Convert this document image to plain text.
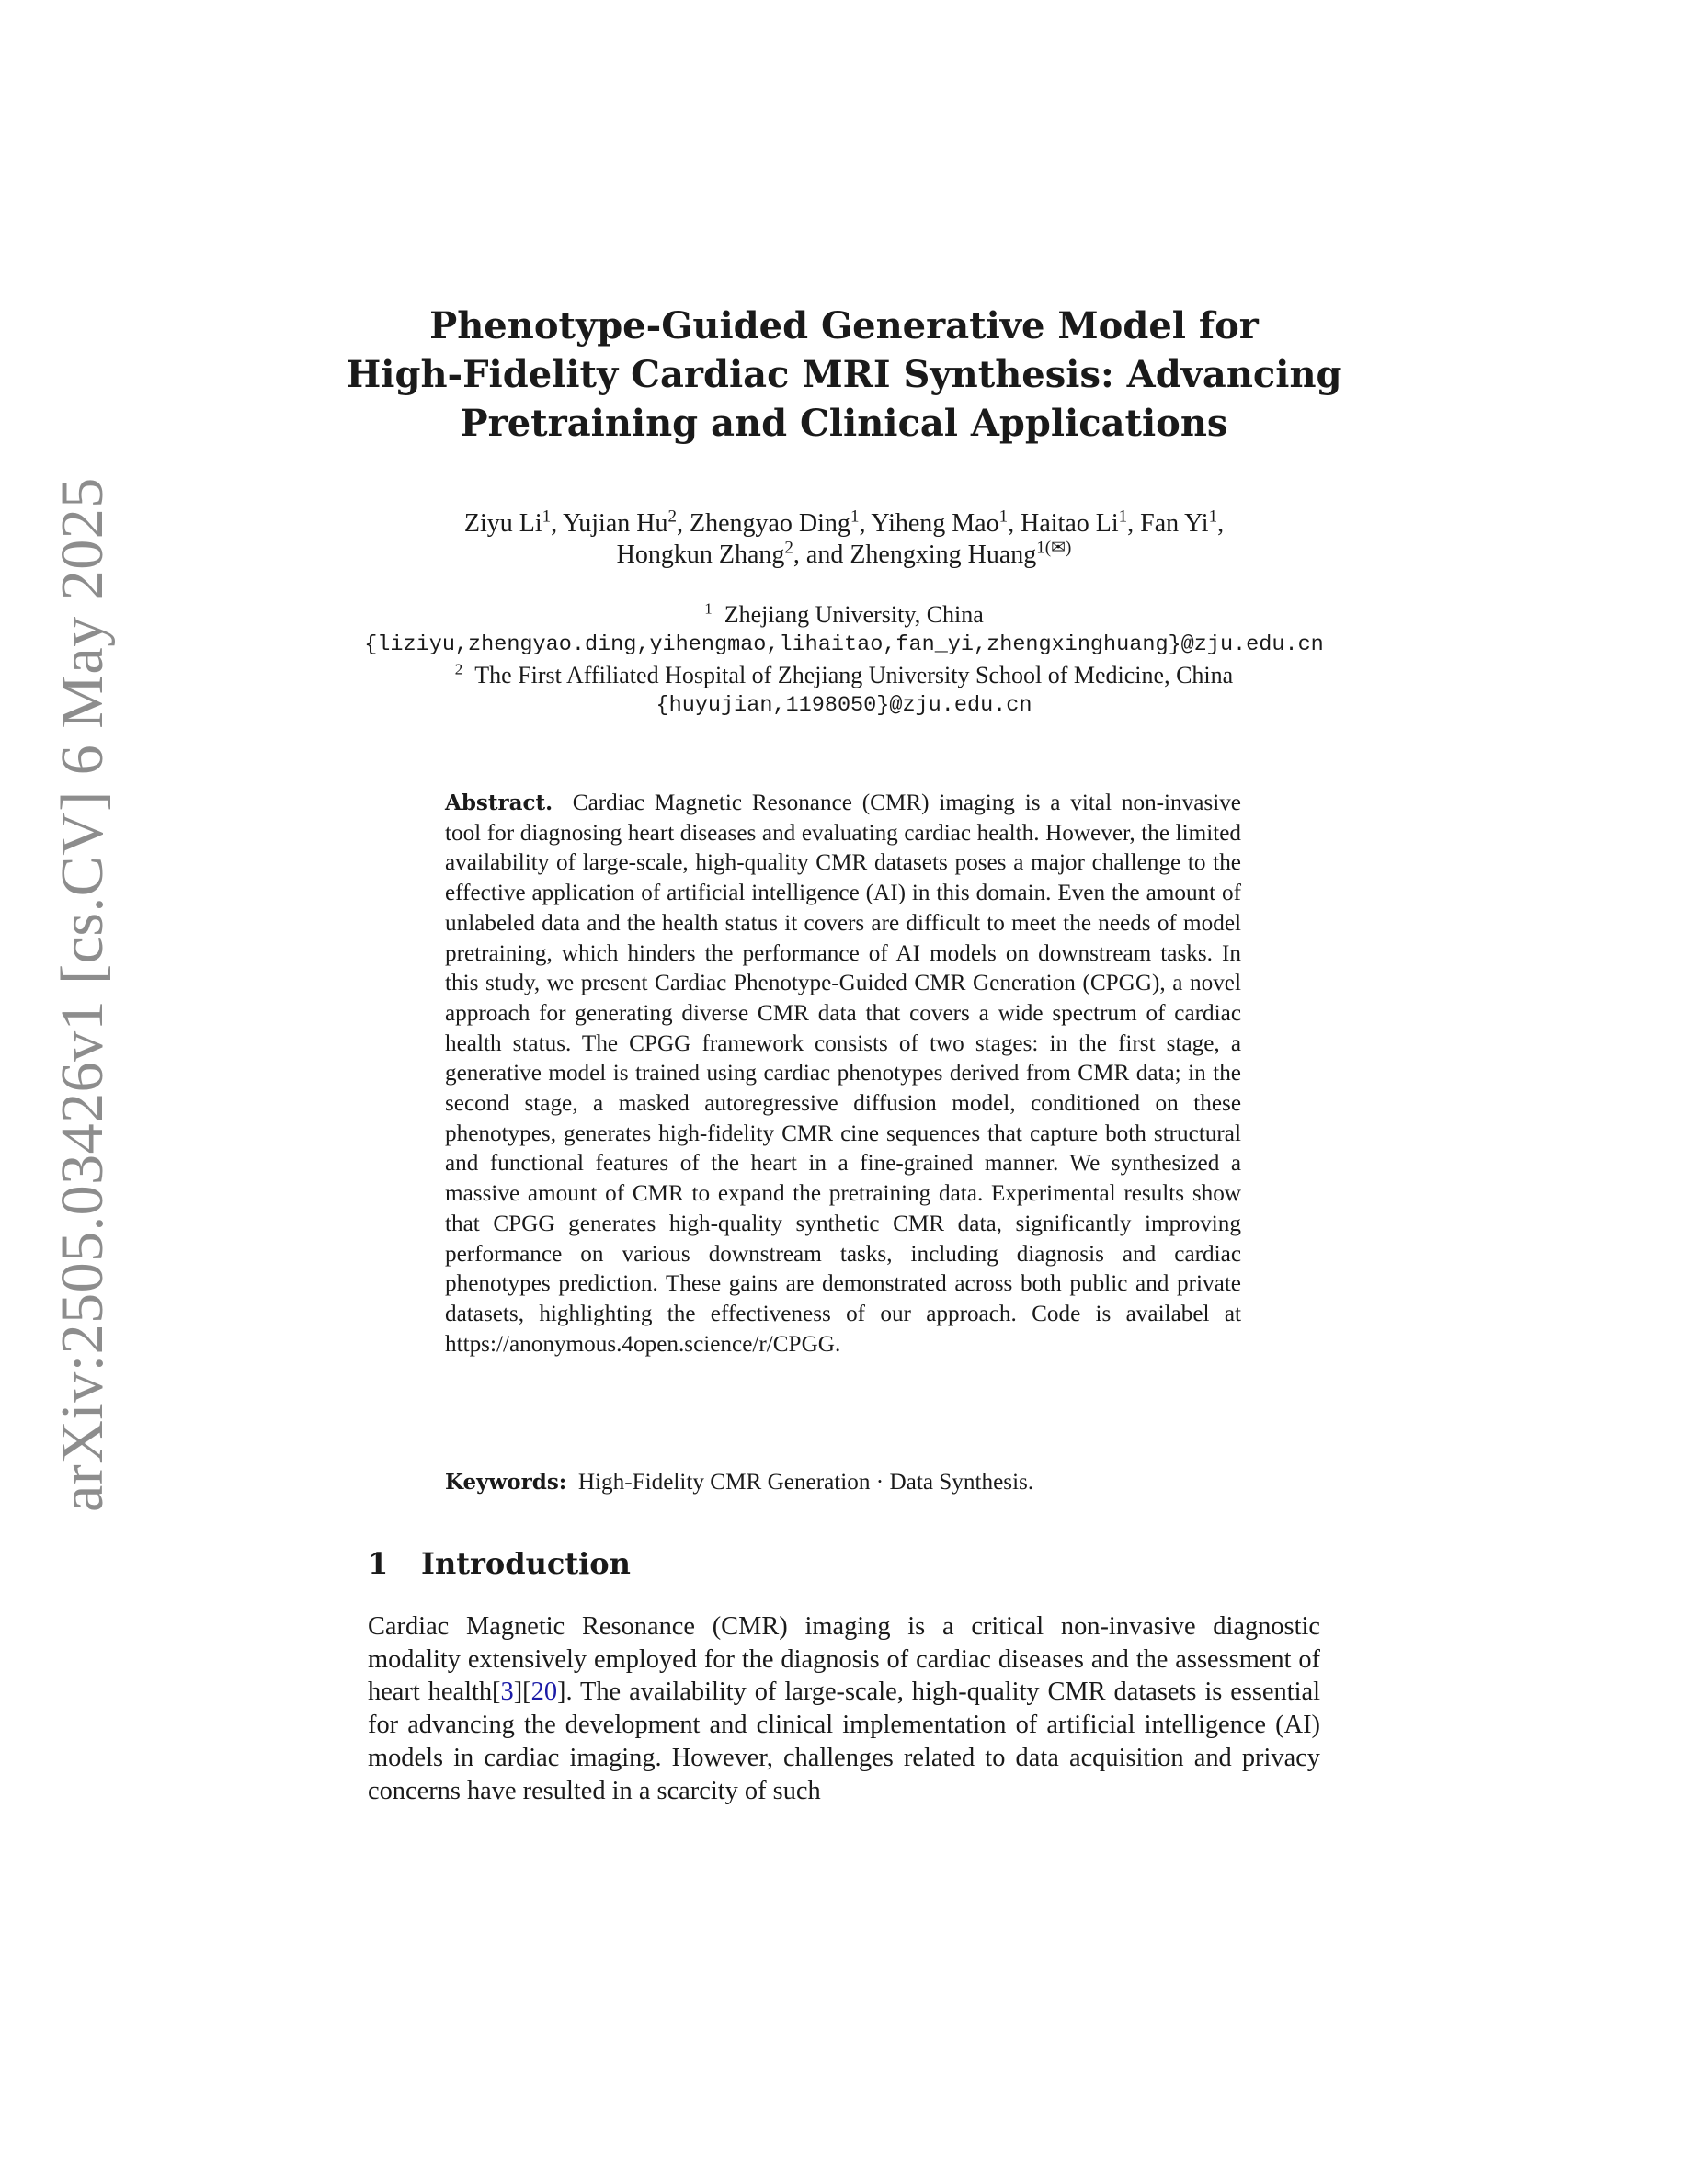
arXiv:2505.03426v1 [cs.CV] 6 May 2025
Phenotype-Guided Generative Model for
High-Fidelity Cardiac MRI Synthesis: Advancing
Pretraining and Clinical Applications
Ziyu Li$^1$, Yujian Hu$^2$, Zhengyao Ding$^1$, Yiheng Mao$^1$, Haitao Li$^1$, Fan Yi$^1$,
Hongkun Zhang$^2$, and Zhengxing Huang$^{1(✉)}$
$^1$ Zhejiang University, China
{liziyu,zhengyao.ding,yihengmao,lihaitao,fan_yi,zhengxinghuang}@zju.edu.cn
$^2$ The First Affiliated Hospital of Zhejiang University School of Medicine, China
{huyujian,1198050}@zju.edu.cn
Abstract. Cardiac Magnetic Resonance (CMR) imaging is a vital non-invasive tool for diagnosing heart diseases and evaluating cardiac health. However, the limited availability of large-scale, high-quality CMR datasets poses a major challenge to the effective application of artificial intelligence (AI) in this domain. Even the amount of unlabeled data and the health status it covers are difficult to meet the needs of model pretraining, which hinders the performance of AI models on downstream tasks. In this study, we present Cardiac Phenotype-Guided CMR Generation (CPGG), a novel approach for generating diverse CMR data that covers a wide spectrum of cardiac health status. The CPGG framework consists of two stages: in the first stage, a generative model is trained using cardiac phenotypes derived from CMR data; in the second stage, a masked autoregressive diffusion model, conditioned on these phenotypes, generates high-fidelity CMR cine sequences that capture both structural and functional features of the heart in a fine-grained manner. We synthesized a massive amount of CMR to expand the pretraining data. Experimental results show that CPGG generates high-quality synthetic CMR data, significantly improving performance on various downstream tasks, including diagnosis and cardiac phenotypes prediction. These gains are demonstrated across both public and private datasets, highlighting the effectiveness of our approach. Code is availabel at https://anonymous.4open.science/r/CPGG.
Keywords: High-Fidelity CMR Generation · Data Synthesis.
1 Introduction
Cardiac Magnetic Resonance (CMR) imaging is a critical non-invasive diagnostic modality extensively employed for the diagnosis of cardiac diseases and the assessment of heart health[3][20]. The availability of large-scale, high-quality CMR datasets is essential for advancing the development and clinical implementation of artificial intelligence (AI) models in cardiac imaging. However, challenges related to data acquisition and privacy concerns have resulted in a scarcity of such
